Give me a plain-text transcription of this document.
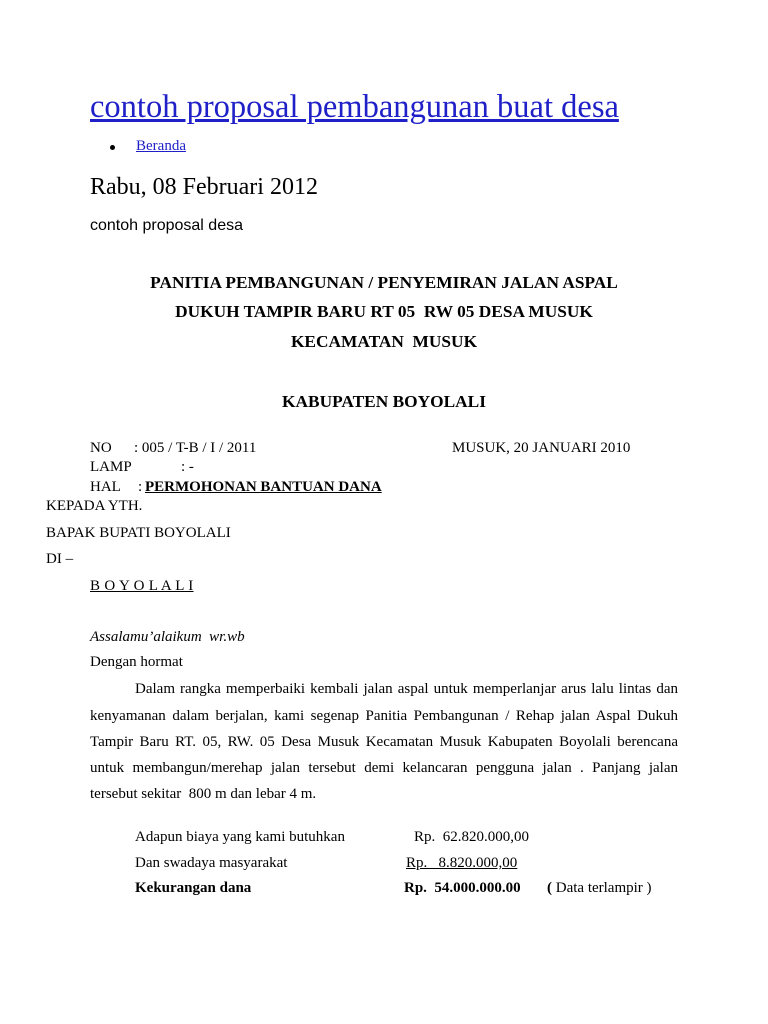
contoh proposal pembangunan buat desa
Beranda
Rabu, 08 Februari 2012
contoh proposal desa
PANITIA PEMBANGUNAN / PENYEMIRAN JALAN ASPAL
DUKUH TAMPIR BARU RT 05  RW 05 DESA MUSUK
KECAMATAN  MUSUK
KABUPATEN BOYOLALI
NO : 005 / T-B / I / 2011	MUSUK, 20 JANUARI 2010
LAMP	: -
HAL : PERMOHONAN BANTUAN DANA
KEPADA YTH.
BAPAK BUPATI BOYOLALI
DI –
B O Y O L A L I
Assalamu’alaikum  wr.wb
Dengan hormat
Dalam rangka memperbaiki kembali jalan aspal untuk memperlanjar arus lalu lintas dan
kenyamanan dalam berjalan, kami segenap Panitia Pembangunan / Rehap jalan Aspal Dukuh
Tampir Baru RT. 05, RW. 05 Desa Musuk Kecamatan Musuk Kabupaten Boyolali berencana
untuk membangun/merehap jalan tersebut demi kelancaran pengguna jalan . Panjang jalan
tersebut sekitar  800 m dan lebar 4 m.
Adapun biaya yang kami butuhkan	Rp.  62.820.000,00
Dan swadaya masyarakat	Rp.   8.820.000,00
Kekurangan dana	Rp.  54.000.000.00 ( Data terlampir )
